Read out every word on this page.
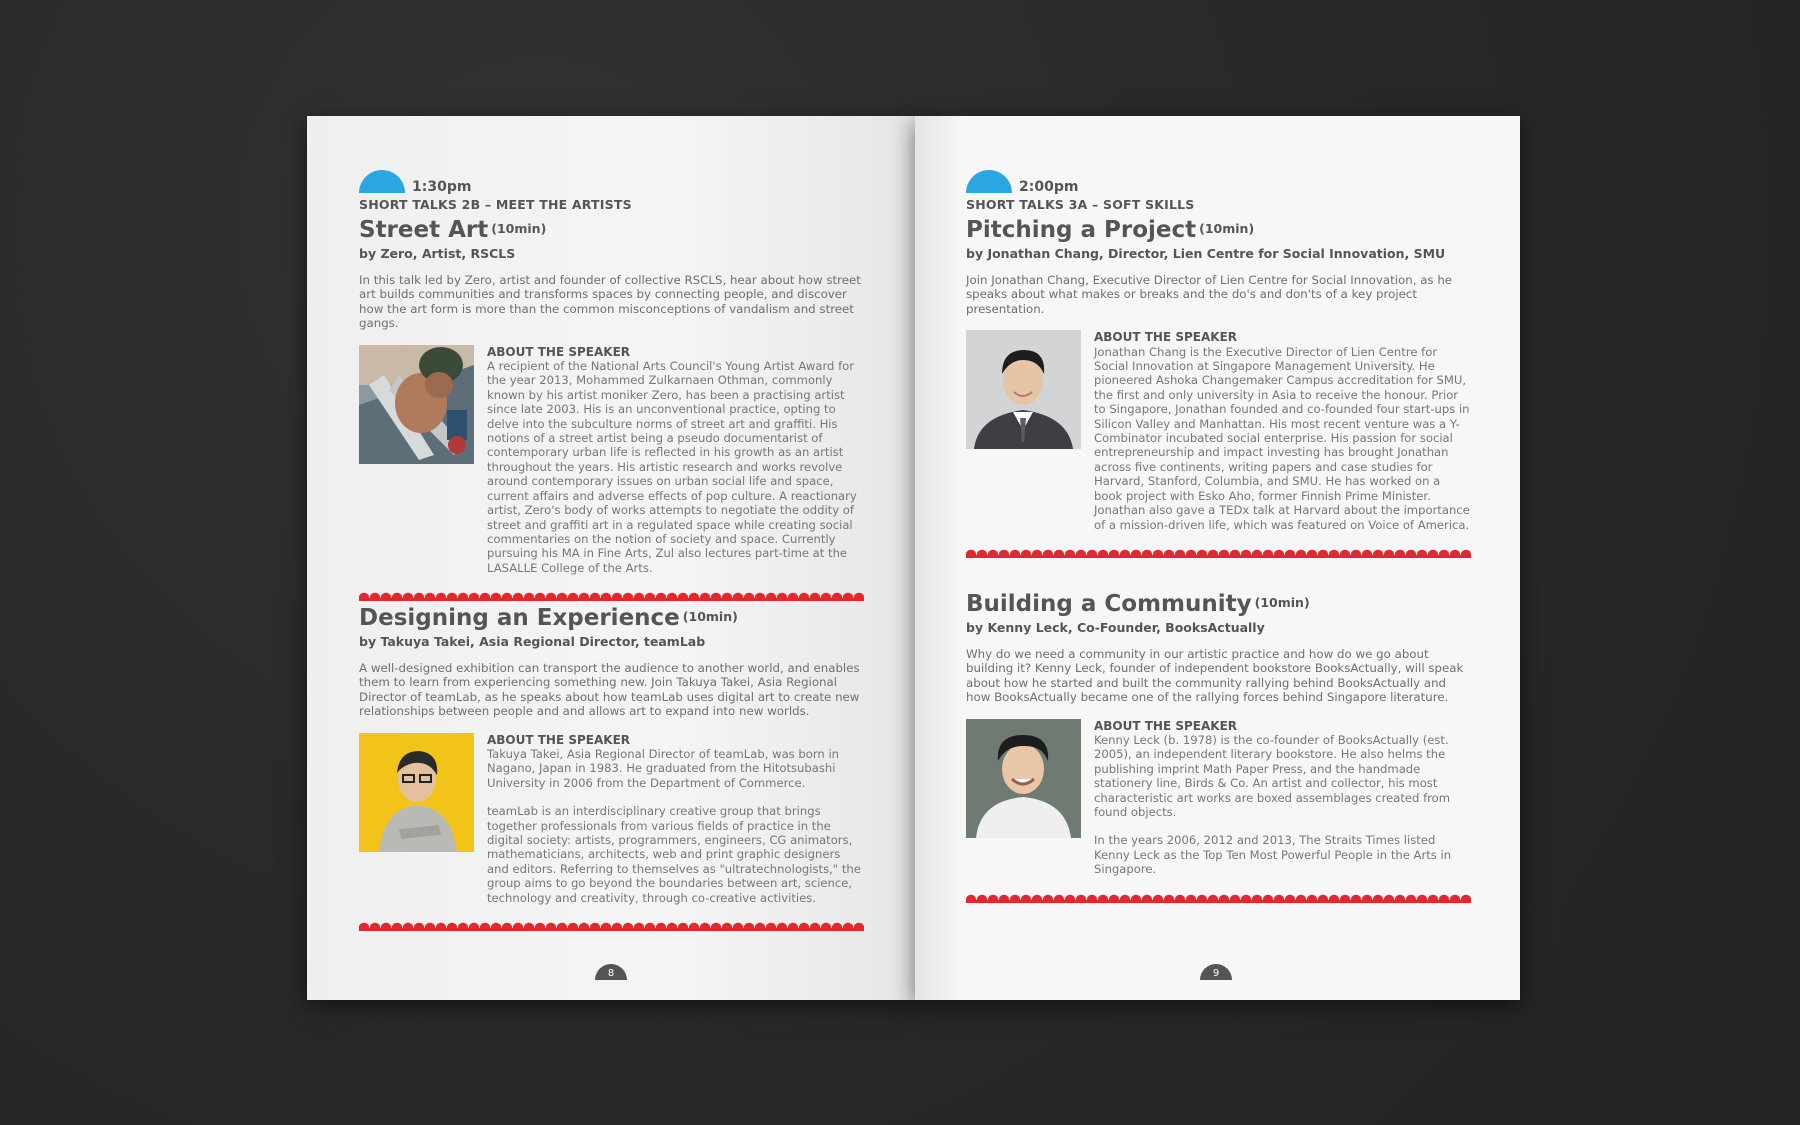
1:30pm
SHORT TALKS 2B – MEET THE ARTISTS
Street Art $^{(10min)}$
by Zero, Artist, RSCLS
In this talk led by Zero, artist and founder of collective RSCLS, hear about how street art builds communities and transforms spaces by connecting people, and discover how the art form is more than the common misconceptions of vandalism and street gangs.
ABOUT THE SPEAKER

A recipient of the National Arts Council's Young Artist Award for the year 2013, Mohammed Zulkarnaen Othman, commonly known by his artist moniker Zero, has been a practising artist since late 2003. His is an unconventional practice, opting to delve into the subculture norms of street art and graffiti. His notions of a street artist being a pseudo documentarist of contemporary urban life is reflected in his growth as an artist throughout the years. His artistic research and works revolve around contemporary issues on urban social life and space, current affairs and adverse effects of pop culture. A reactionary artist, Zero's body of works attempts to negotiate the oddity of street and graffiti art in a regulated space while creating social commentaries on the notion of society and space. Currently pursuing his MA in Fine Arts, Zul also lectures part-time at the LASALLE College of the Arts.

Designing an Experience $^{(10min)}$
by Takuya Takei, Asia Regional Director, teamLab
A well-designed exhibition can transport the audience to another world, and enables them to learn from experiencing something new. Join Takuya Takei, Asia Regional Director of teamLab, as he speaks about how teamLab uses digital art to create new relationships between people and and allows art to expand into new worlds.
ABOUT THE SPEAKER

Takuya Takei, Asia Regional Director of teamLab, was born in Nagano, Japan in 1983. He graduated from the Hitotsubashi University in 2006 from the Department of Commerce.

teamLab is an interdisciplinary creative group that brings together professionals from various fields of practice in the digital society: artists, programmers, engineers, CG animators, mathematicians, architects, web and print graphic designers and editors. Referring to themselves as "ultratechnologists," the group aims to go beyond the boundaries between art, science, technology and creativity, through co-creative activities.

8
2:00pm
SHORT TALKS 3A – SOFT SKILLS
Pitching a Project $^{(10min)}$
by Jonathan Chang, Director, Lien Centre for Social Innovation, SMU
Join Jonathan Chang, Executive Director of Lien Centre for Social Innovation, as he speaks about what makes or breaks and the do's and don'ts of a key project presentation.
ABOUT THE SPEAKER

Jonathan Chang is the Executive Director of Lien Centre for Social Innovation at Singapore Management University. He pioneered Ashoka Changemaker Campus accreditation for SMU, the first and only university in Asia to receive the honour. Prior to Singapore, Jonathan founded and co-founded four start-ups in Silicon Valley and Manhattan. His most recent venture was a Y-Combinator incubated social enterprise. His passion for social entrepreneurship and impact investing has brought Jonathan across five continents, writing papers and case studies for Harvard, Stanford, Columbia, and SMU. He has worked on a book project with Esko Aho, former Finnish Prime Minister. Jonathan also gave a TEDx talk at Harvard about the importance of a mission-driven life, which was featured on Voice of America.

Building a Community $^{(10min)}$
by Kenny Leck, Co-Founder, BooksActually
Why do we need a community in our artistic practice and how do we go about building it? Kenny Leck, founder of independent bookstore BooksActually, will speak about how he started and built the community rallying behind BooksActually and how BooksActually became one of the rallying forces behind Singapore literature.
ABOUT THE SPEAKER

Kenny Leck (b. 1978) is the co-founder of BooksActually (est. 2005), an independent literary bookstore. He also helms the publishing imprint Math Paper Press, and the handmade stationery line, Birds & Co. An artist and collector, his most characteristic art works are boxed assemblages created from found objects.

In the years 2006, 2012 and 2013, The Straits Times listed Kenny Leck as the Top Ten Most Powerful People in the Arts in Singapore.

9
